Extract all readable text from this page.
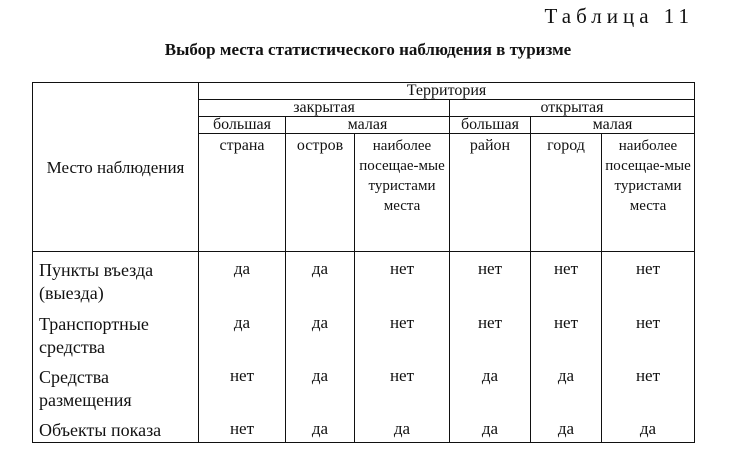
Таблица 11
Выбор места статистического наблюдения в туризме
Место наблюдения	Территория					
	закрытая			открытая		
	большая	малая		большая	малая	
	страна	остров	наиболее посещае-мые туристами места	район	город	наиболее посещае-мые туристами места
Пункты въезда (выезда)	да	да	нет	нет	нет	нет
Транспортные средства	да	да	нет	нет	нет	нет
Средства размещения	нет	да	нет	да	да	нет
Объекты показа	нет	да	да	да	да	да
